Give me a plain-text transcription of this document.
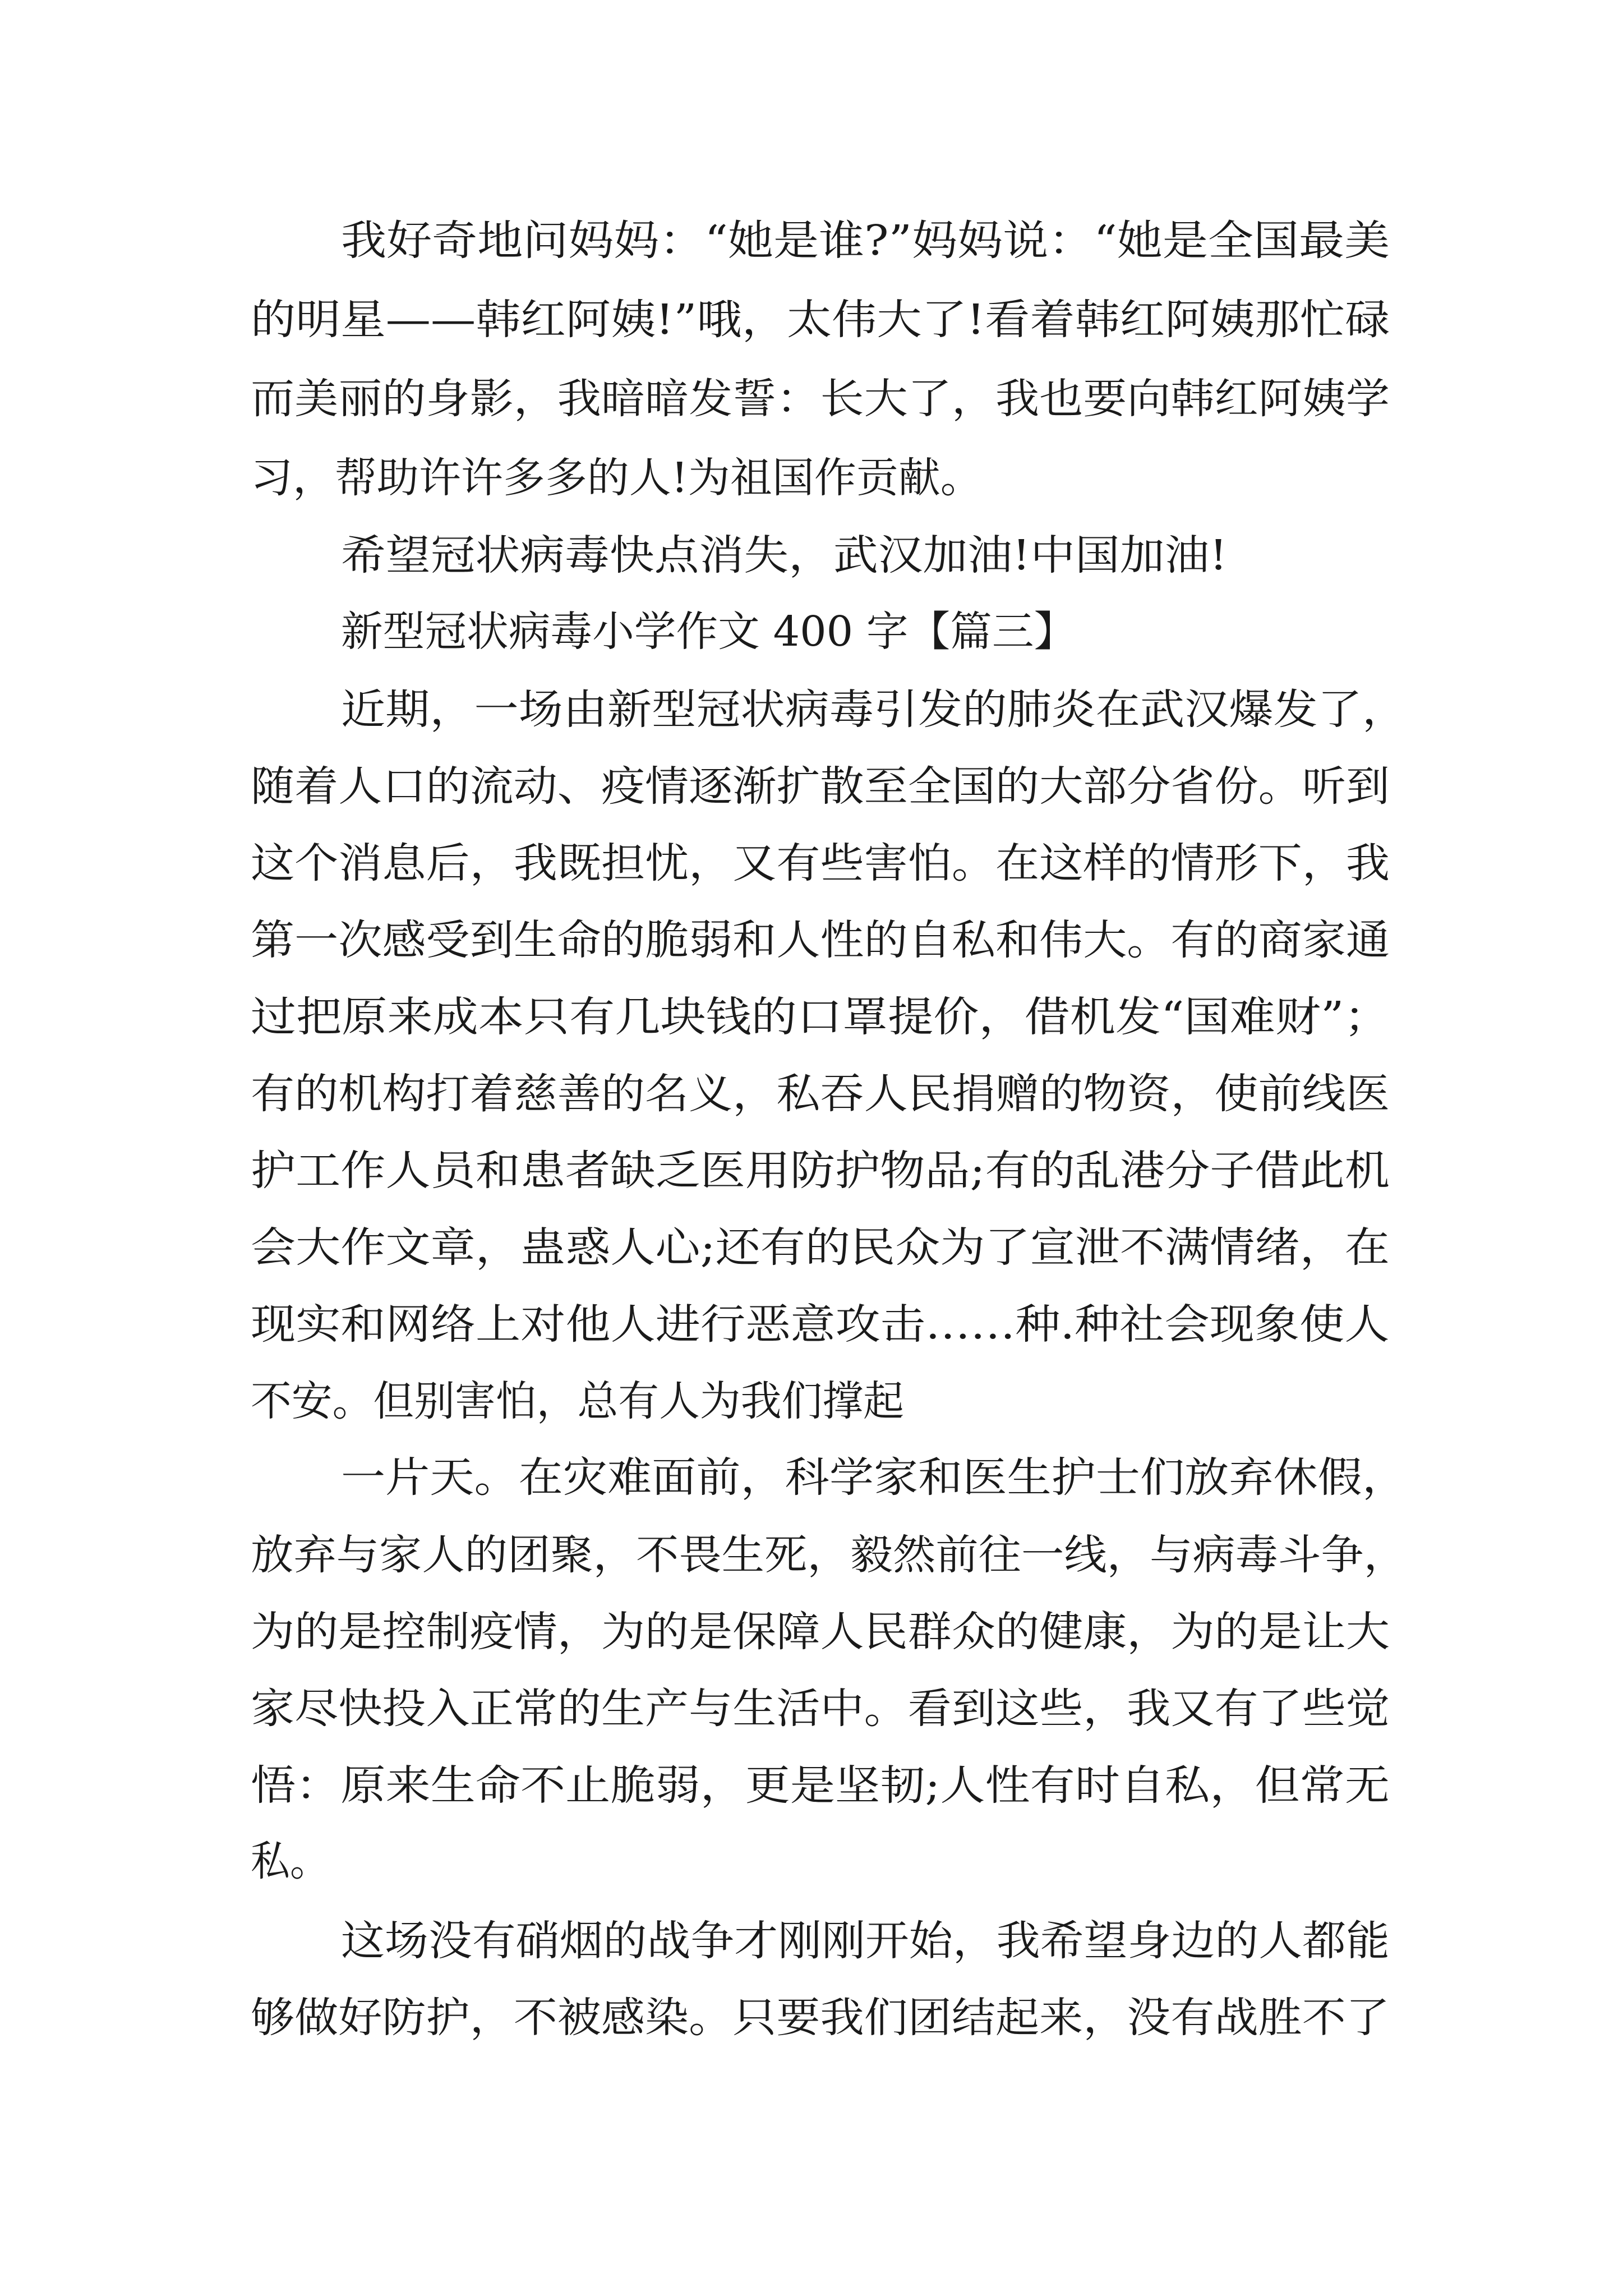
我好奇地问妈妈：“她是谁?”妈妈说：“她是全国最美
的明星——韩红阿姨!”哦，太伟大了!看着韩红阿姨那忙碌
而美丽的身影，我暗暗发誓：长大了，我也要向韩红阿姨学
习，帮助许许多多的人!为祖国作贡献。
希望冠状病毒快点消失，武汉加油!中国加油!
新型冠状病毒小学作文 400 字【篇三】
近期，一场由新型冠状病毒引发的肺炎在武汉爆发了，
随着人口的流动、疫情逐渐扩散至全国的大部分省份。听到
这个消息后，我既担忧，又有些害怕。在这样的情形下，我
第一次感受到生命的脆弱和人性的自私和伟大。有的商家通
过把原来成本只有几块钱的口罩提价，借机发“国难财”；
有的机构打着慈善的名义，私吞人民捐赠的物资，使前线医
护工作人员和患者缺乏医用防护物品;有的乱港分子借此机
会大作文章，蛊惑人心;还有的民众为了宣泄不满情绪，在
现实和网络上对他人进行恶意攻击……种.种社会现象使人
不安。但别害怕，总有人为我们撑起
一片天。在灾难面前，科学家和医生护士们放弃休假，
放弃与家人的团聚，不畏生死，毅然前往一线，与病毒斗争，
为的是控制疫情，为的是保障人民群众的健康，为的是让大
家尽快投入正常的生产与生活中。看到这些，我又有了些觉
悟：原来生命不止脆弱，更是坚韧;人性有时自私，但常无
私。
这场没有硝烟的战争才刚刚开始，我希望身边的人都能
够做好防护，不被感染。只要我们团结起来，没有战胜不了
